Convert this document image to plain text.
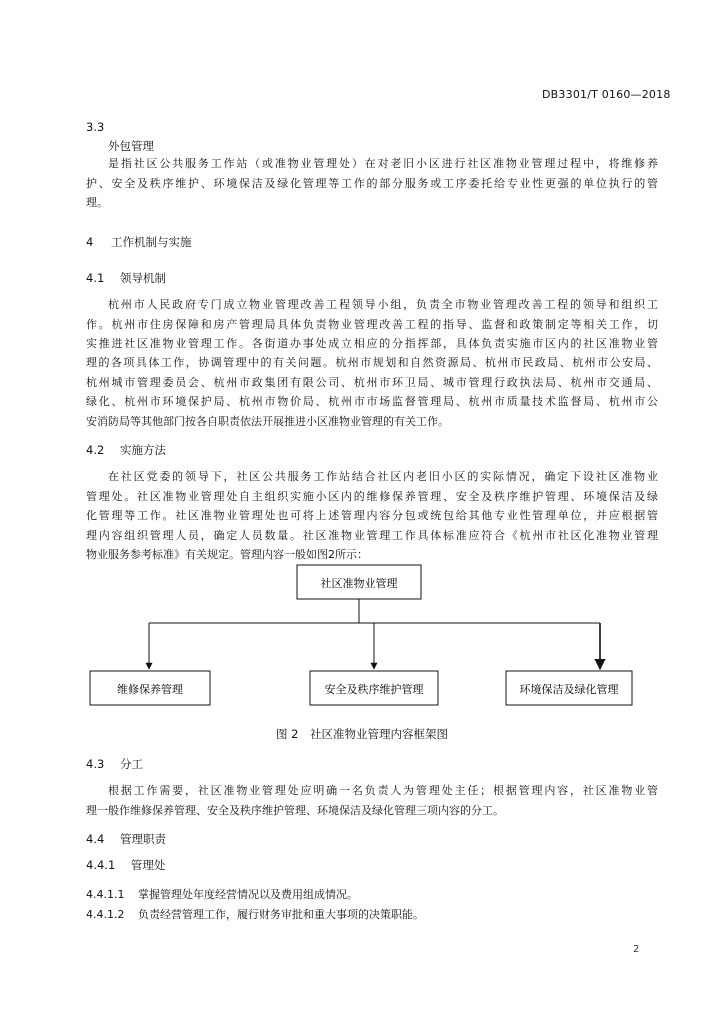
DB3301/T 0160—2018
3.3
外包管理
是指社区公共服务工作站（或准物业管理处）在对老旧小区进行社区准物业管理过程中，将维修养
护、安全及秩序维护、环境保洁及绿化管理等工作的部分服务或工序委托给专业性更强的单位执行的管
理。
4 工作机制与实施
4.1 领导机制
杭州市人民政府专门成立物业管理改善工程领导小组，负责全市物业管理改善工程的领导和组织工
作。杭州市住房保障和房产管理局具体负责物业管理改善工程的指导、监督和政策制定等相关工作，切
实推进社区准物业管理工作。各街道办事处成立相应的分指挥部，具体负责实施市区内的社区准物业管
理的各项具体工作，协调管理中的有关问题。杭州市规划和自然资源局、杭州市民政局、杭州市公安局、
杭州城市管理委员会、杭州市政集团有限公司、杭州市环卫局、城市管理行政执法局、杭州市交通局、
绿化、杭州市环境保护局、杭州市物价局、杭州市市场监督管理局、杭州市质量技术监督局、杭州市公
安消防局等其他部门按各自职责依法开展推进小区准物业管理的有关工作。
4.2 实施方法
在社区党委的领导下，社区公共服务工作站结合社区内老旧小区的实际情况，确定下设社区准物业
管理处。社区准物业管理处自主组织实施小区内的维修保养管理、安全及秩序维护管理、环境保洁及绿
化管理等工作。社区准物业管理处也可将上述管理内容分包或统包给其他专业性管理单位，并应根据管
理内容组织管理人员，确定人员数量。社区准物业管理工作具体标准应符合《杭州市社区化准物业管理
物业服务参考标准》有关规定。管理内容一般如图2所示：
社区准物业管理
维修保养管理	安全及秩序维护管理	环境保洁及绿化管理
图 2　社区准物业管理内容框架图
4.3 分工
根据工作需要，社区准物业管理处应明确一名负责人为管理处主任；根据管理内容，社区准物业管
理一般作维修保养管理、安全及秩序维护管理、环境保洁及绿化管理三项内容的分工。
4.4 管理职责
4.4.1 管理处
4.4.1.1 掌握管理处年度经营情况以及费用组成情况。
4.4.1.2 负责经营管理工作，履行财务审批和重大事项的决策职能。
2
